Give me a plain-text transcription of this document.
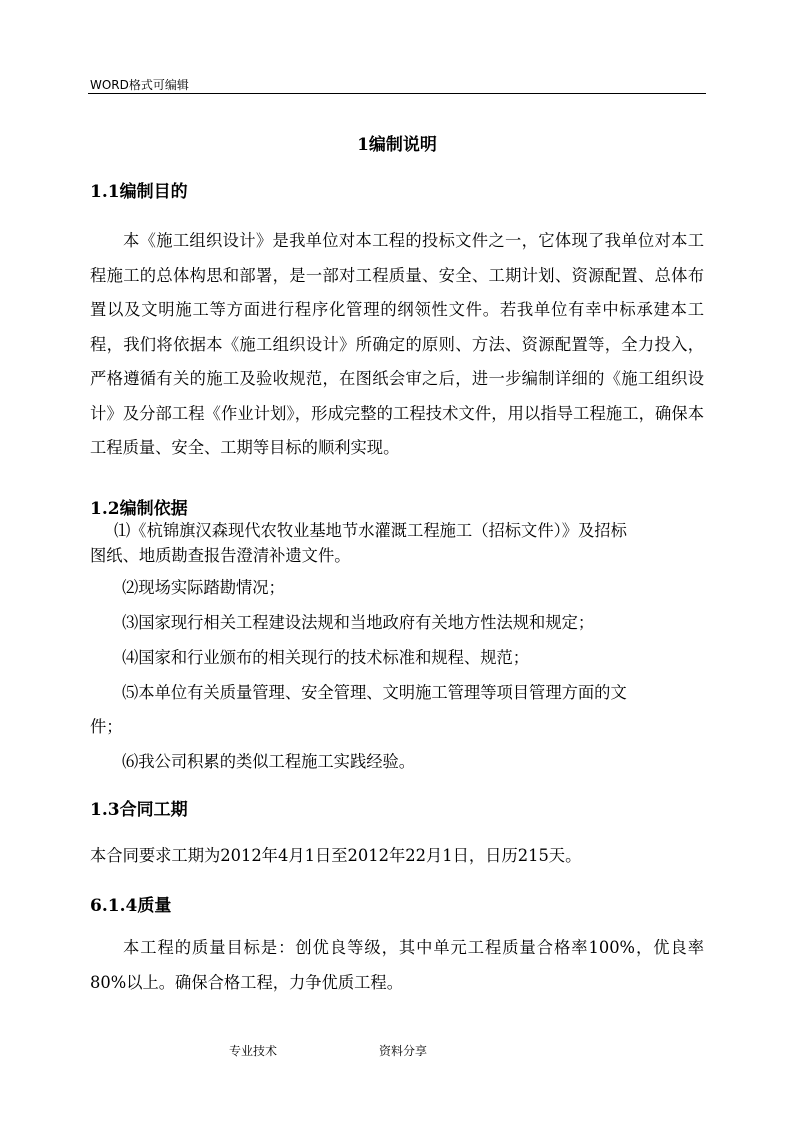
WORD格式可编辑
1编制说明
1.1编制目的
本《施工组织设计》是我单位对本工程的投标文件之一，它体现了我单位对本工程施工的总体构思和部署，是一部对工程质量、安全、工期计划、资源配置、总体布置以及文明施工等方面进行程序化管理的纲领性文件。若我单位有幸中标承建本工程，我们将依据本《施工组织设计》所确定的原则、方法、资源配置等，全力投入，严格遵循有关的施工及验收规范，在图纸会审之后，进一步编制详细的《施工组织设计》及分部工程《作业计划》，形成完整的工程技术文件，用以指导工程施工，确保本工程质量、安全、工期等目标的顺利实现。
1.2编制依据
⑴《杭锦旗汉森现代农牧业基地节水灌溉工程施工（招标文件）》及招标
图纸、地质勘查报告澄清补遗文件。
⑵现场实际踏勘情况；
⑶国家现行相关工程建设法规和当地政府有关地方性法规和规定；
⑷国家和行业颁布的相关现行的技术标准和规程、规范；
⑸本单位有关质量管理、安全管理、文明施工管理等项目管理方面的文
件；
⑹我公司积累的类似工程施工实践经验。
1.3合同工期
本合同要求工期为2012年4月1日至2012年22月1日，日历215天。
6.1.4质量
本工程的质量目标是：创优良等级，其中单元工程质量合格率100%，优良率80%以上。确保合格工程，力争优质工程。
专业技术	资料分享
